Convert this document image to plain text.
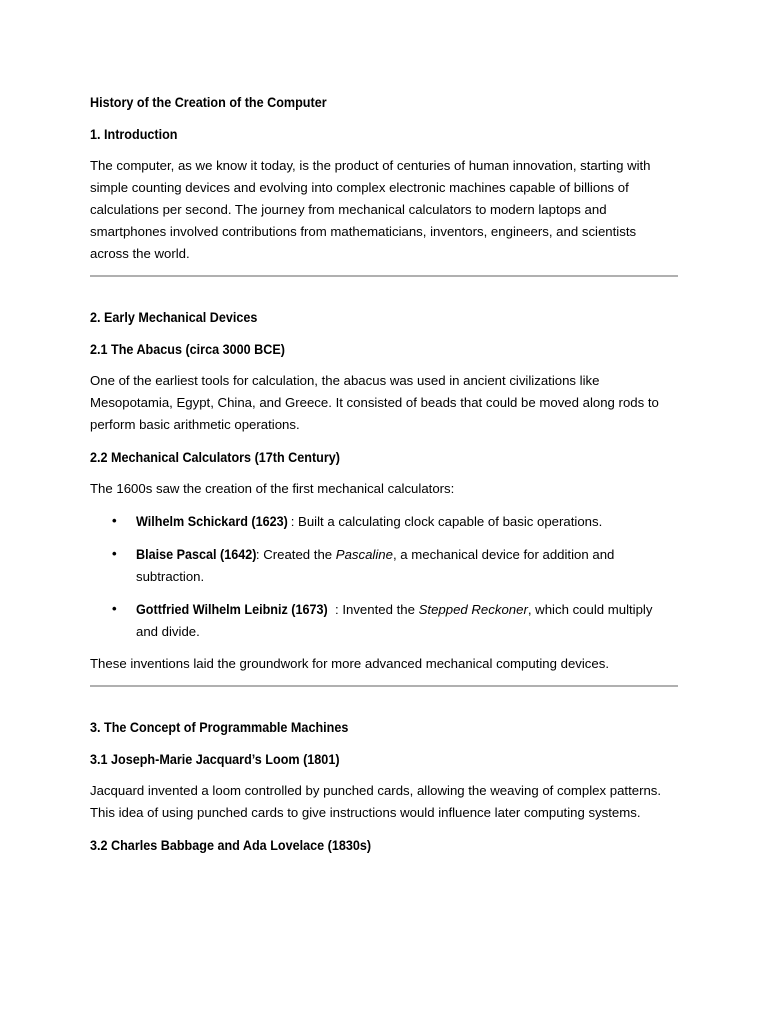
History of the Creation of the Computer
1. Introduction

The computer, as we know it today, is the product of centuries of human innovation, starting with simple counting devices and evolving into complex electronic machines capable of billions of calculations per second. The journey from mechanical calculators to modern laptops and smartphones involved contributions from mathematicians, inventors, engineers, and scientists across the world.

2. Early Mechanical Devices
2.1 The Abacus (circa 3000 BCE)

One of the earliest tools for calculation, the abacus was used in ancient civilizations like Mesopotamia, Egypt, China, and Greece. It consisted of beads that could be moved along rods to perform basic arithmetic operations.

2.2 Mechanical Calculators (17th Century)

The 1600s saw the creation of the first mechanical calculators:

• Wilhelm Schickard (1623) : Built a calculating clock capable of basic operations.
• Blaise Pascal (1642): Created the Pascaline, a mechanical device for addition and subtraction.
• Gottfried Wilhelm Leibniz (1673) : Invented the Stepped Reckoner, which could multiply and divide.

These inventions laid the groundwork for more advanced mechanical computing devices.

3. The Concept of Programmable Machines
3.1 Joseph-Marie Jacquard’s Loom (1801)

Jacquard invented a loom controlled by punched cards, allowing the weaving of complex patterns. This idea of using punched cards to give instructions would influence later computing systems.

3.2 Charles Babbage and Ada Lovelace (1830s)
